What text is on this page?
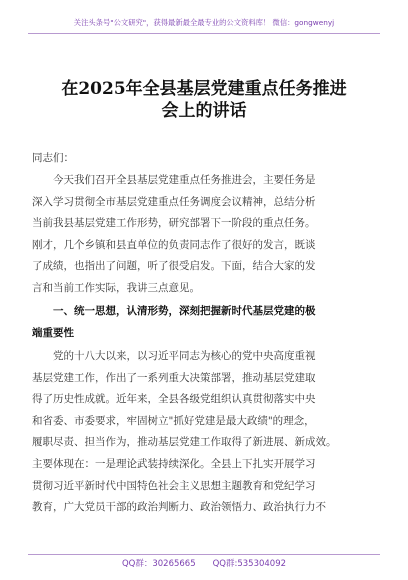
关注头条号"公文研究"，获得最新最全最专业的公文资料库！ 微信：gongwenyj
在2025年全县基层党建重点任务推进
会上的讲话
同志们：
　　今天我们召开全县基层党建重点任务推进会，主要任务是
深入学习贯彻全市基层党建重点任务调度会议精神，总结分析
当前我县基层党建工作形势，研究部署下一阶段的重点任务。
刚才，几个乡镇和县直单位的负责同志作了很好的发言，既谈
了成绩，也指出了问题，听了很受启发。下面，结合大家的发
言和当前工作实际，我讲三点意见。
　　一、统一思想，认清形势，深刻把握新时代基层党建的极
端重要性
　　党的十八大以来，以习近平同志为核心的党中央高度重视
基层党建工作，作出了一系列重大决策部署，推动基层党建取
得了历史性成就。近年来，全县各级党组织认真贯彻落实中央
和省委、市委要求，牢固树立"抓好党建是最大政绩"的理念，
履职尽责、担当作为，推动基层党建工作取得了新进展、新成效。
主要体现在：一是理论武装持续深化。全县上下扎实开展学习
贯彻习近平新时代中国特色社会主义思想主题教育和党纪学习
教育，广大党员干部的政治判断力、政治领悟力、政治执行力不
QQ群：30265665　　QQ群:535304092
